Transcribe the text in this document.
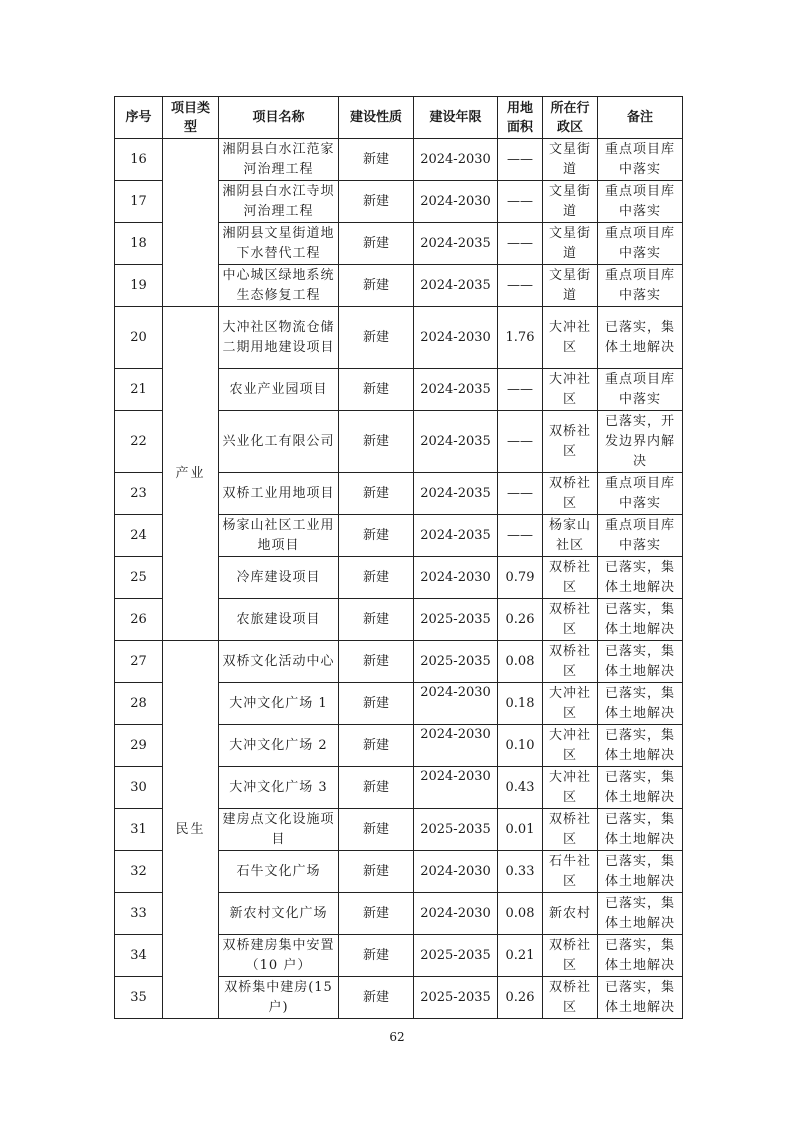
序号	项目类型	项目名称	建设性质	建设年限	用地面积	所在行政区	备注
16		湘阴县白水江范家河治理工程	新建	2024-2030	——	文星街道	重点项目库中落实
17		湘阴县白水江寺坝河治理工程	新建	2024-2030	——	文星街道	重点项目库中落实
18		湘阴县文星街道地下水替代工程	新建	2024-2035	——	文星街道	重点项目库中落实
19		中心城区绿地系统生态修复工程	新建	2024-2035	——	文星街道	重点项目库中落实
20	产业	大冲社区物流仓储二期用地建设项目	新建	2024-2030	1.76	大冲社区	已落实，集体土地解决
21		农业产业园项目	新建	2024-2035	——	大冲社区	重点项目库中落实
22		兴业化工有限公司	新建	2024-2035	——	双桥社区	已落实，开发边界内解决
23		双桥工业用地项目	新建	2024-2035	——	双桥社区	重点项目库中落实
24		杨家山社区工业用地项目	新建	2024-2035	——	杨家山社区	重点项目库中落实
25		冷库建设项目	新建	2024-2030	0.79	双桥社区	已落实，集体土地解决
26		农旅建设项目	新建	2025-2035	0.26	双桥社区	已落实，集体土地解决
27	民生	双桥文化活动中心	新建	2025-2035	0.08	双桥社区	已落实，集体土地解决
28		大冲文化广场 1	新建	2024-2030	0.18	大冲社区	已落实，集体土地解决
29		大冲文化广场 2	新建	2024-2030	0.10	大冲社区	已落实，集体土地解决
30		大冲文化广场 3	新建	2024-2030	0.43	大冲社区	已落实，集体土地解决
31		建房点文化设施项目	新建	2025-2035	0.01	双桥社区	已落实，集体土地解决
32		石牛文化广场	新建	2024-2030	0.33	石牛社区	已落实，集体土地解决
33		新农村文化广场	新建	2024-2030	0.08	新农村	已落实，集体土地解决
34		双桥建房集中安置（10 户）	新建	2025-2035	0.21	双桥社区	已落实，集体土地解决
35		双桥集中建房(15 户)	新建	2025-2035	0.26	双桥社区	已落实，集体土地解决
62
